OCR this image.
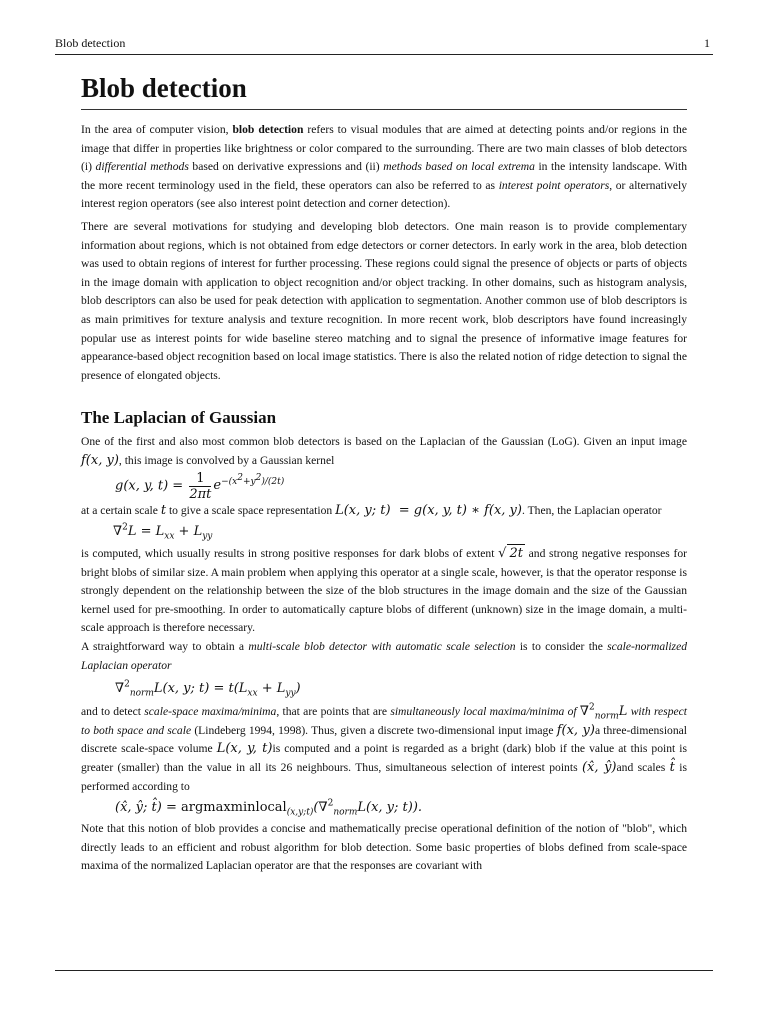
Blob detection	1
Blob detection

In the area of computer vision, blob detection refers to visual modules that are aimed at detecting points and/or regions in the image that differ in properties like brightness or color compared to the surrounding. There are two main classes of blob detectors (i) differential methods based on derivative expressions and (ii) methods based on local extrema in the intensity landscape. With the more recent terminology used in the field, these operators can also be referred to as interest point operators, or alternatively interest region operators (see also interest point detection and corner detection).

There are several motivations for studying and developing blob detectors. One main reason is to provide complementary information about regions, which is not obtained from edge detectors or corner detectors. In early work in the area, blob detection was used to obtain regions of interest for further processing. These regions could signal the presence of objects or parts of objects in the image domain with application to object recognition and/or object tracking. In other domains, such as histogram analysis, blob descriptors can also be used for peak detection with application to segmentation. Another common use of blob descriptors is as main primitives for texture analysis and texture recognition. In more recent work, blob descriptors have found increasingly popular use as interest points for wide baseline stereo matching and to signal the presence of informative image features for appearance-based object recognition based on local image statistics. There is also the related notion of ridge detection to signal the presence of elongated objects.

The Laplacian of Gaussian

One of the first and also most common blob detectors is based on the Laplacian of the Gaussian (LoG). Given an input image f(x, y), this image is convolved by a Gaussian kernel

g(x, y, $t) = \frac{1}{2\pi t} e^{-(x^2+y^2)/(2t)}$

at a certain scale t to give a scale space representation L(x, y; t)  = g(x, y, t) ∗ f(x, y). Then, the Laplacian operator

$\nabla^2L = L_{xx} + L_{yy}$

is computed, which usually results in strong positive responses for dark blobs of extent √ 2t and strong negative responses for bright blobs of similar size. A main problem when applying this operator at a single scale, however, is that the operator response is strongly dependent on the relationship between the size of the blob structures in the image domain and the size of the Gaussian kernel used for pre-smoothing. In order to automatically capture blobs of different (unknown) size in the image domain, a multi-scale approach is therefore necessary.

A straightforward way to obtain a multi-scale blob detector with automatic scale selection is to consider the scale-normalized Laplacian operator

∇$^2_{norm}$L(x, y; $t) = t(L_{xx} + L_{yy})$

and to detect scale-space maxima/minima, that are points that are simultaneously local maxima/minima of ∇$^2_{norm}$L with respect to both space and scale (Lindeberg 1994, 1998). Thus, given a discrete two-dimensional input image f(x, y)a three-dimensional discrete scale-space volume L(x, y, t)is computed and a point is regarded as a bright (dark) blob if the value at this point is greater (smaller) than the value in all its 26 neighbours. Thus, simultaneous selection of interest points (x̂, ŷ)and scales t̂ is performed according to

(x̂, ŷ; t̂) = argmaxminlocal$_{(x,y;t)}$(∇$^2_{norm}$L(x, y; t)).

Note that this notion of blob provides a concise and mathematically precise operational definition of the notion of "blob", which directly leads to an efficient and robust algorithm for blob detection. Some basic properties of blobs defined from scale-space maxima of the normalized Laplacian operator are that the responses are covariant with
